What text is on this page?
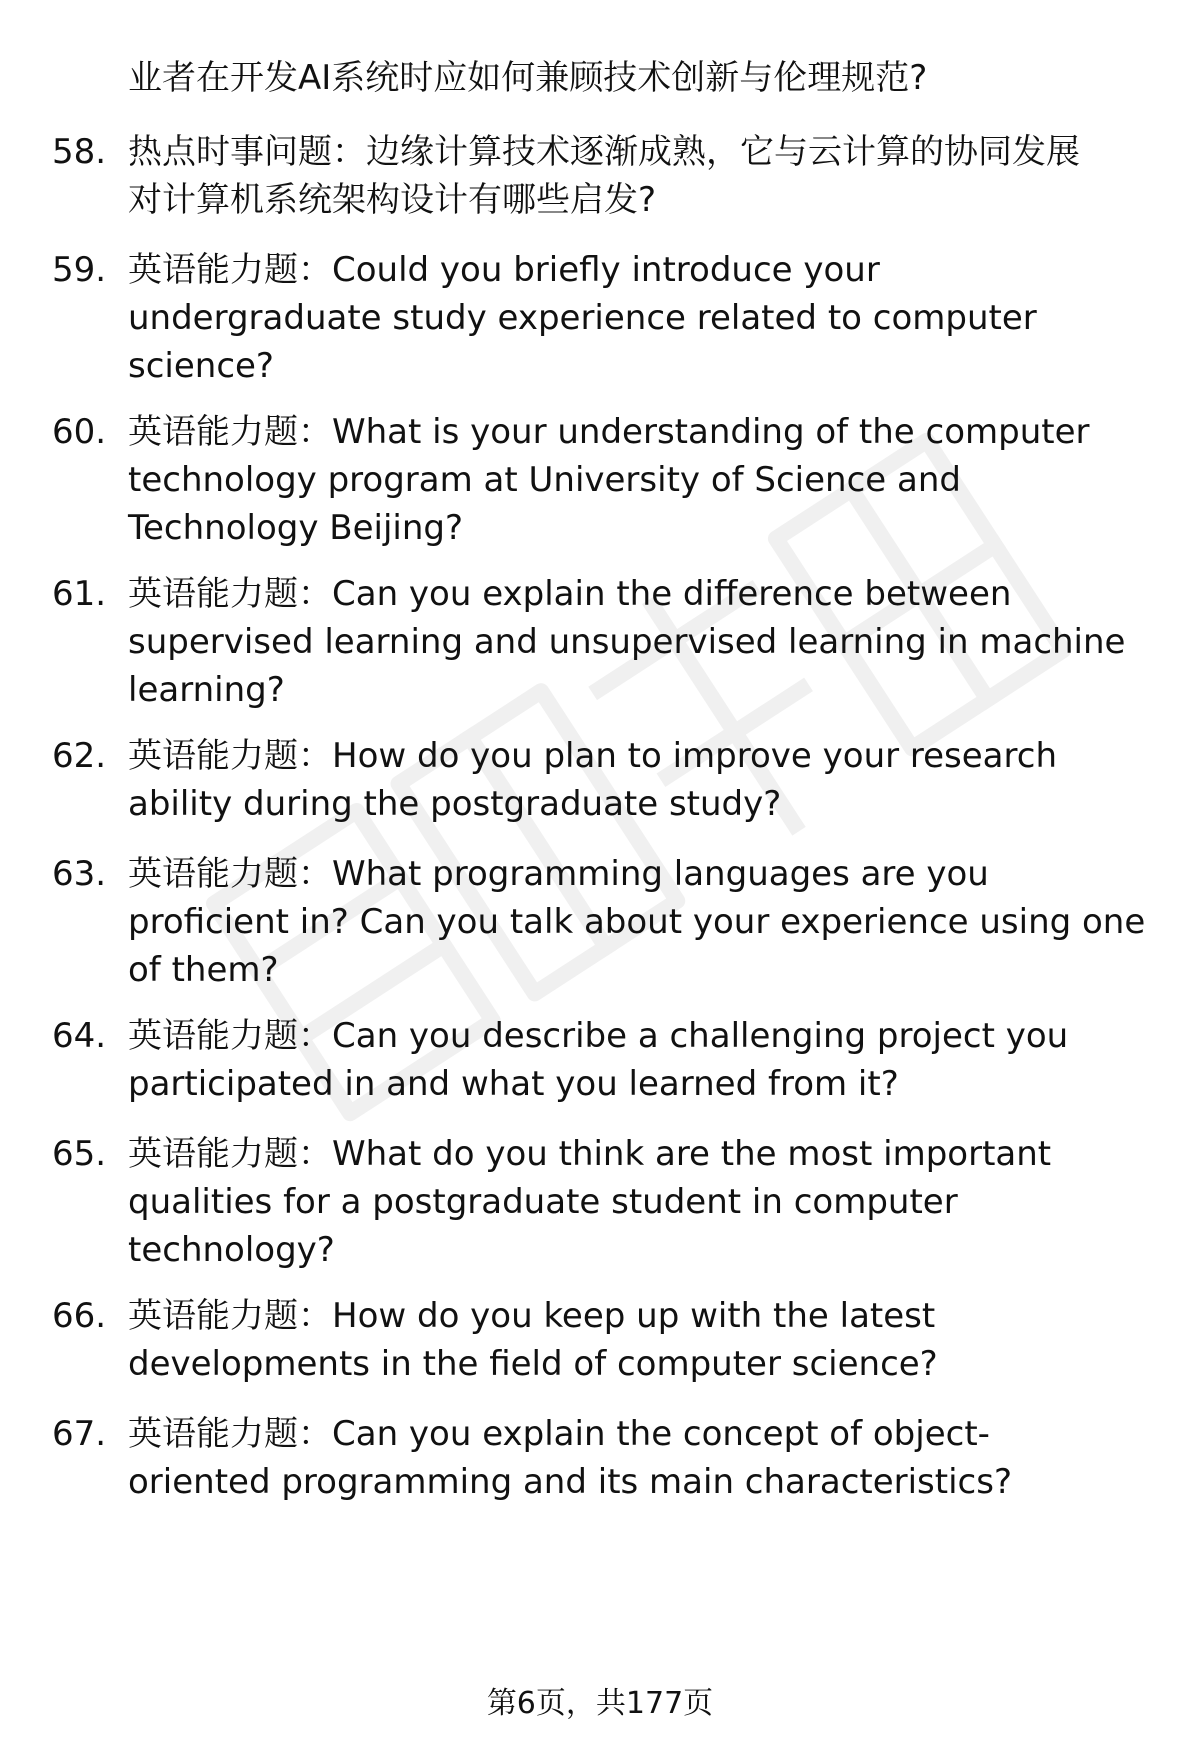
业者在开发AI系统时应如何兼顾技术创新与伦理规范?
58. 热点时事问题：边缘计算技术逐渐成熟，它与云计算的协同发展
对计算机系统架构设计有哪些启发?
59. 英语能力题：Could you briefly introduce your
undergraduate study experience related to computer
science?
60. 英语能力题：What is your understanding of the computer
technology program at University of Science and
Technology Beijing?
61. 英语能力题：Can you explain the difference between
supervised learning and unsupervised learning in machine
learning?
62. 英语能力题：How do you plan to improve your research
ability during the postgraduate study?
63. 英语能力题：What programming languages are you
proficient in? Can you talk about your experience using one
of them?
64. 英语能力题：Can you describe a challenging project you
participated in and what you learned from it?
65. 英语能力题：What do you think are the most important
qualities for a postgraduate student in computer
technology?
66. 英语能力题：How do you keep up with the latest
developments in the field of computer science?
67. 英语能力题：Can you explain the concept of object-
oriented programming and its main characteristics?
第6页，共177页
